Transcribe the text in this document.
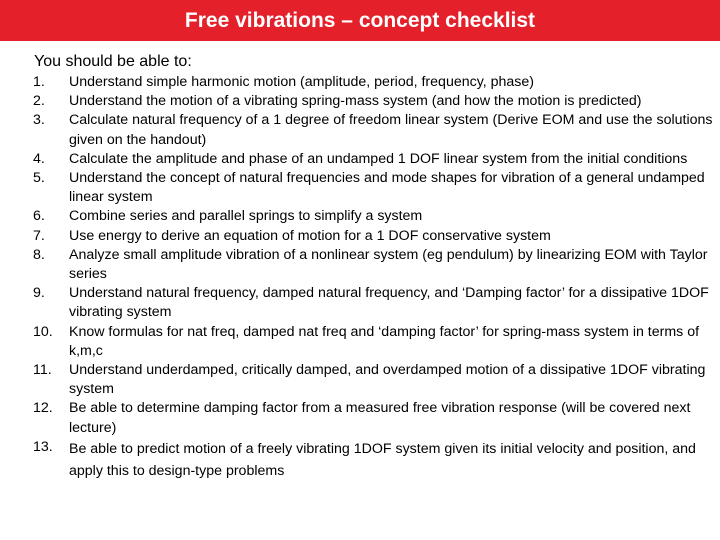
Free vibrations – concept checklist
You should be able to:
1.	Understand simple harmonic motion (amplitude, period, frequency, phase)
2.	Understand the motion of a vibrating spring-mass system (and how the motion is predicted)
3.	Calculate natural frequency of a 1 degree of freedom linear system (Derive EOM and use the solutions given on the handout)
4.	Calculate the amplitude and phase of an undamped 1 DOF linear system from the initial conditions
5.	Understand the concept of natural frequencies and mode shapes for vibration of a general undamped linear system
6.	Combine series and parallel springs to simplify a system
7.	Use energy to derive an equation of motion for a 1 DOF conservative system
8.	Analyze small amplitude vibration of a nonlinear system (eg pendulum) by linearizing EOM with Taylor series
9.	Understand natural frequency, damped natural frequency, and ‘Damping factor’ for a dissipative 1DOF vibrating system
10.	Know formulas for nat freq, damped nat freq and ‘damping factor’ for spring-mass system in terms of k,m,c
11.	Understand underdamped, critically damped, and overdamped motion of a dissipative 1DOF vibrating system
12.	Be able to determine damping factor from a measured free vibration response (will be covered next lecture)
13.	Be able to predict motion of a freely vibrating 1DOF system given its initial velocity and position, and apply this to design-type problems
